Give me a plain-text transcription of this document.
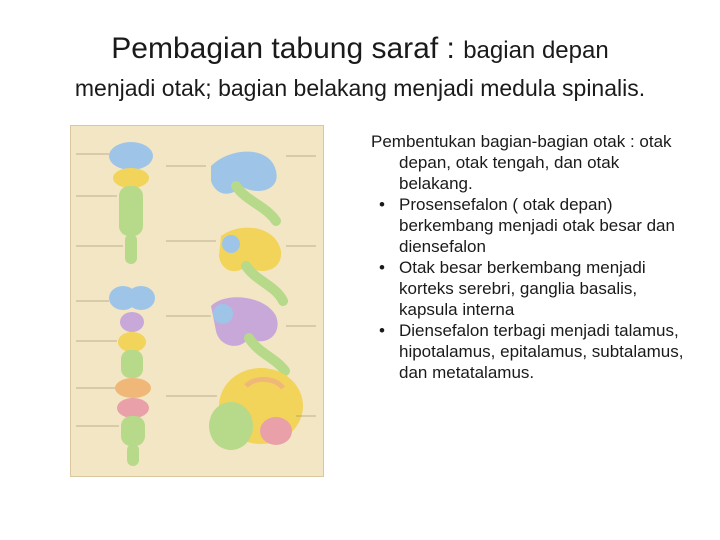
Pembagian tabung saraf : bagian depan
menjadi otak; bagian belakang menjadi medula spinalis.

Pembentukan bagian-bagian otak : otak depan, otak tengah, dan otak belakang.

• Prosensefalon ( otak depan) berkembang menjadi otak besar dan diensefalon
• Otak besar berkembang menjadi korteks serebri, ganglia basalis, kapsula interna
• Diensefalon terbagi menjadi talamus, hipotalamus, epitalamus, subtalamus, dan metatalamus.
